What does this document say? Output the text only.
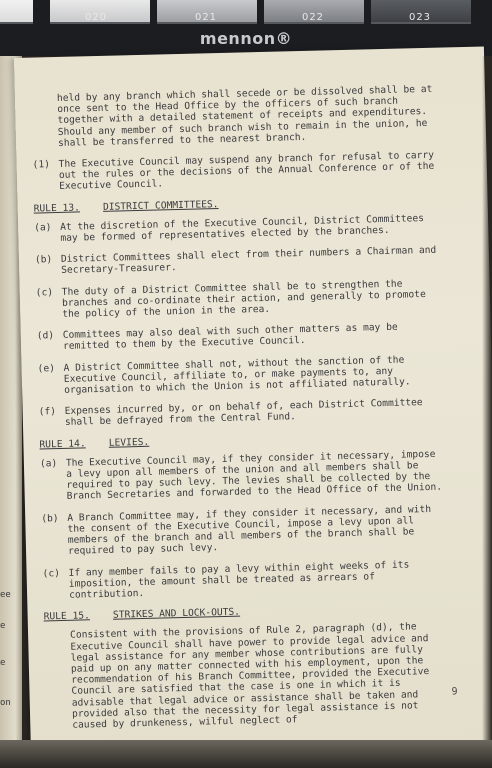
020	021	022	023
mennon®
ee
e
e
on

held by any branch which shall secede or be dissolved shall be at once sent to the Head Office by the officers of such branch together with a detailed statement of receipts and expenditures. Should any member of such branch wish to remain in the union, he shall be transferred to the nearest branch.

(1) The Executive Council may suspend any branch for refusal to carry out the rules or the decisions of the Annual Conference or of the Executive Council.
RULE 13. DISTRICT COMMITTEES.
(a) At the discretion of the Executive Council, District Committees may be formed of representatives elected by the branches.
(b) District Committees shall elect from their numbers a Chairman and Secretary-Treasurer.
(c) The duty of a District Committee shall be to strengthen the branches and co-ordinate their action, and generally to promote the policy of the union in the area.
(d) Committees may also deal with such other matters as may be remitted to them by the Executive Council.
(e) A District Committee shall not, without the sanction of the Executive Council, affiliate to, or make payments to, any organisation to which the Union is not affiliated naturally.
(f) Expenses incurred by, or on behalf of, each District Committee shall be defrayed from the Central Fund.
RULE 14. LEVIES.
(a) The Executive Council may, if they consider it necessary, impose a levy upon all members of the union and all members shall be required to pay such levy. The levies shall be collected by the Branch Secretaries and forwarded to the Head Office of the Union.
(b) A Branch Committee may, if they consider it necessary, and with the consent of the Executive Council, impose a levy upon all members of the branch and all members of the branch shall be required to pay such levy.
(c) If any member fails to pay a levy within eight weeks of its imposition, the amount shall be treated as arrears of contribution.
RULE 15. STRIKES AND LOCK-OUTS.

Consistent with the provisions of Rule 2, paragraph (d), the Executive Council shall have power to provide legal advice and legal assistance for any member whose contributions are fully paid up on any matter connected with his employment, upon the recommendation of his Branch Committee, provided the Executive Council are satisfied that the case is one in which it is advisable that legal advice or assistance shall be taken and provided also that the necessity for legal assistance is not caused by drunkeness, wilful neglect of

9
